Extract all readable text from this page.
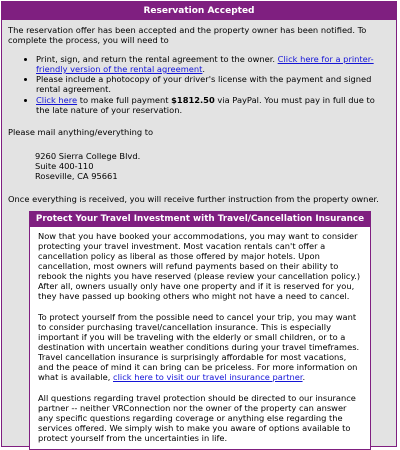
Reservation Accepted

The reservation offer has been accepted and the property owner has been notified. To complete the process, you will need to

• Print, sign, and return the rental agreement to the owner. Click here for a printer-friendly version of the rental agreement.
• Please include a photocopy of your driver's license with the payment and signed rental agreement.
• Click here to make full payment $1812.50 via PayPal. You must pay in full due to the late nature of your reservation.

Please mail anything/everything to

9260 Sierra College Blvd.
Suite 400-110
Roseville, CA 95661

Once everything is received, you will receive further instruction from the property owner.

Protect Your Travel Investment with Travel/Cancellation Insurance

Now that you have booked your accommodations, you may want to consider protecting your travel investment. Most vacation rentals can't offer a cancellation policy as liberal as those offered by major hotels. Upon cancellation, most owners will refund payments based on their ability to rebook the nights you have reserved (please review your cancellation policy.) After all, owners usually only have one property and if it is reserved for you, they have passed up booking others who might not have a need to cancel.

To protect yourself from the possible need to cancel your trip, you may want to consider purchasing travel/cancellation insurance. This is especially important if you will be traveling with the elderly or small children, or to a destination with uncertain weather conditions during your travel timeframes. Travel cancellation insurance is surprisingly affordable for most vacations, and the peace of mind it can bring can be priceless. For more information on what is available, click here to visit our travel insurance partner.

All questions regarding travel protection should be directed to our insurance partner -- neither VRConnection nor the owner of the property can answer any specific questions regarding coverage or anything else regarding the services offered. We simply wish to make you aware of options available to protect yourself from the uncertainties in life.
